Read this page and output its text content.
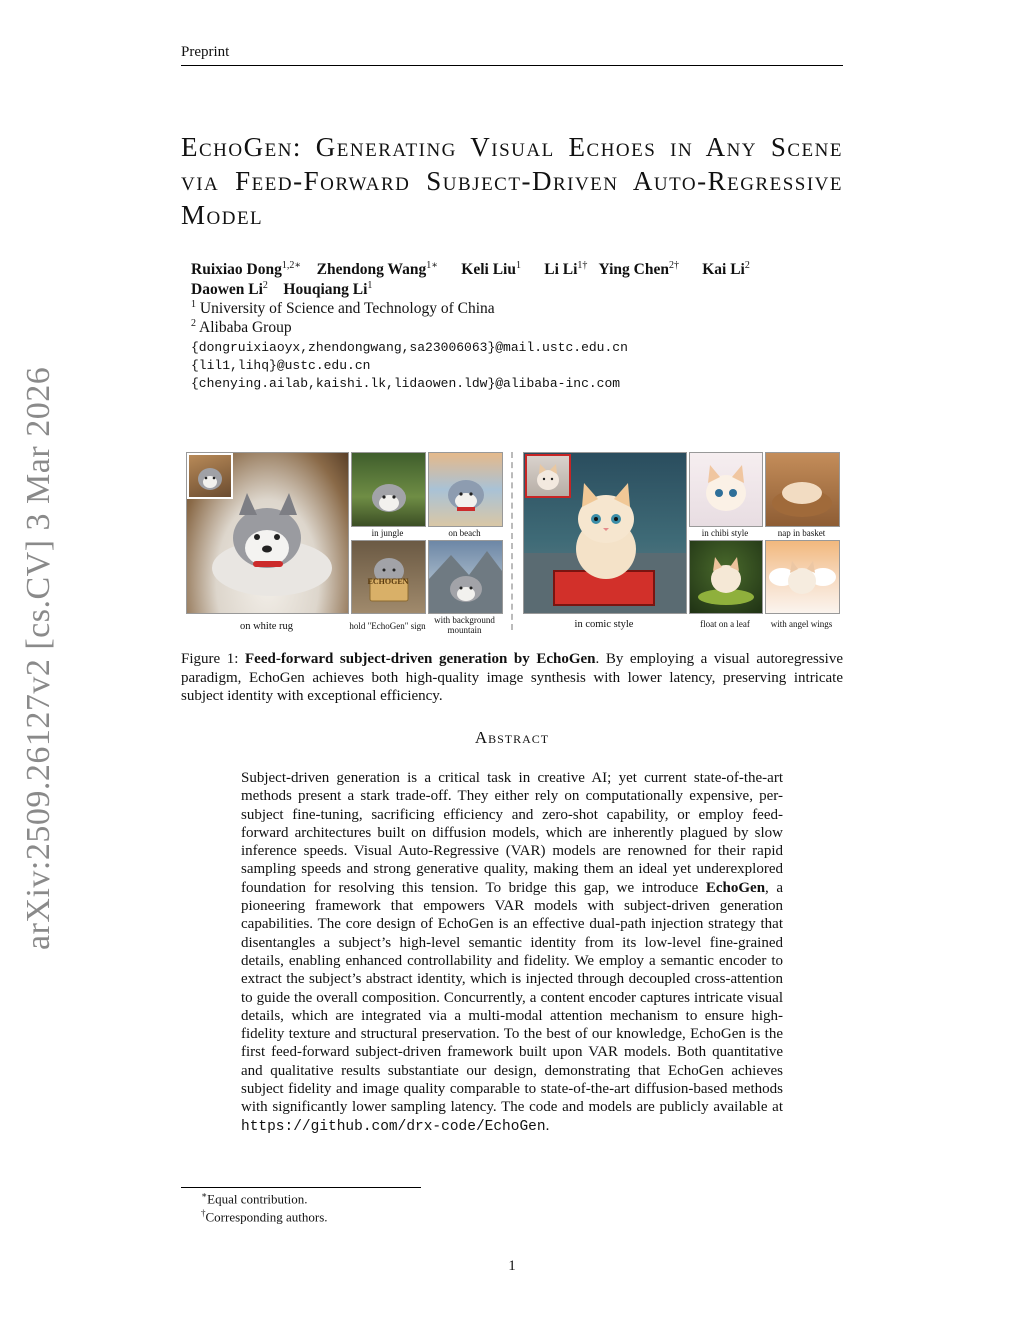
Preprint
EchoGen: Generating Visual Echoes in Any Scene via Feed-Forward Subject-Driven Auto-Regressive Model
Ruixiao Dong$^{1,2∗}$ Zhendong Wang$^{1∗}$ Keli Liu$^1$ Li $Li^{1\dagger}$ Ying Chen$^{2\dagger}$ Kai Li$^2$
Daowen Li$^2$ Houqiang Li$^1$
$^1$ University of Science and Technology of China
$^2$ Alibaba Group
{dongruixiaoyx,zhendongwang,sa23006063}@mail.ustc.edu.cn
{lil1,lihq}@ustc.edu.cn
{chenying.ailab,kaishi.lk,lidaowen.ldw}@alibaba-inc.com
arXiv:2509.26127v2 [cs.CV] 3 Mar 2026	in jungle	on beach
ECHOGEN
on white rug	hold "EchoGen" sign
with background
mountain
in chibi style	nap in basket
in comic style	float on a leaf	with angel wings
Figure 1: Feed-forward subject-driven generation by EchoGen. By employing a visual autoregressive paradigm, EchoGen achieves both high-quality image synthesis with lower latency, preserving intricate subject identity with exceptional efficiency.
Abstract
Subject-driven generation is a critical task in creative AI; yet current state-of-the-art methods present a stark trade-off. They either rely on computationally expensive, per-subject fine-tuning, sacrificing efficiency and zero-shot capability, or employ feed-forward architectures built on diffusion models, which are inherently plagued by slow inference speeds. Visual Auto-Regressive (VAR) models are renowned for their rapid sampling speeds and strong generative quality, making them an ideal yet underexplored foundation for resolving this tension. To bridge this gap, we introduce EchoGen, a pioneering framework that empowers VAR models with subject-driven generation capabilities. The core design of EchoGen is an effective dual-path injection strategy that disentangles a subject’s high-level semantic identity from its low-level fine-grained details, enabling enhanced controllability and fidelity. We employ a semantic encoder to extract the subject’s abstract identity, which is injected through decoupled cross-attention to guide the overall composition. Concurrently, a content encoder captures intricate visual details, which are integrated via a multi-modal attention mechanism to ensure high-fidelity texture and structural preservation. To the best of our knowledge, EchoGen is the first feed-forward subject-driven framework built upon VAR models. Both quantitative and qualitative results substantiate our design, demonstrating that EchoGen achieves subject fidelity and image quality comparable to state-of-the-art diffusion-based methods with significantly lower sampling latency. The code and models are publicly available at https://github.com/drx-code/EchoGen.
∗Equal contribution.
†Corresponding authors.
1
